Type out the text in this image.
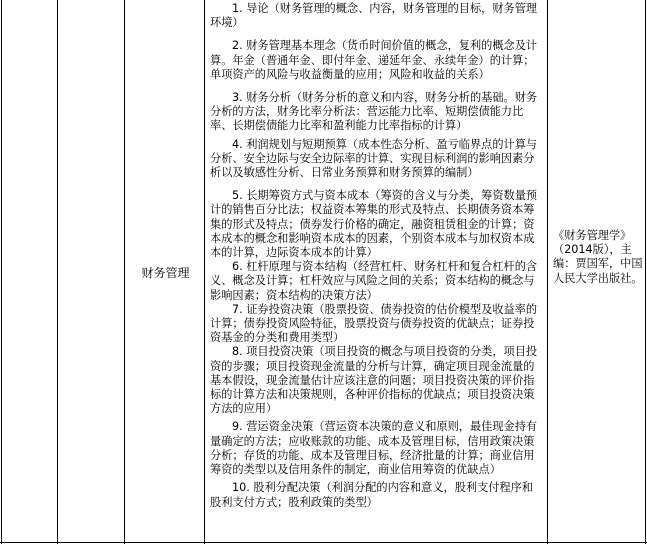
财务管理

1. 导论（财务管理的概念、内容，财务管理的目标，财务管理环境）

2. 财务管理基本理念（货币时间价值的概念，复利的概念及计算。年金（普通年金、即付年金、递延年金、永续年金）的计算；单项资产的风险与收益衡量的应用；风险和收益的关系）

3. 财务分析（财务分析的意义和内容，财务分析的基础。财务分析的方法，财务比率分析法：营运能力比率、短期偿债能力比率、长期偿债能力比率和盈利能力比率指标的计算）

4. 利润规划与短期预算（成本性态分析、盈亏临界点的计算与分析、安全边际与安全边际率的计算、实现目标利润的影响因素分析以及敏感性分析、日常业务预算和财务预算的编制）

5. 长期筹资方式与资本成本（筹资的含义与分类，筹资数量预计的销售百分比法；权益资本筹集的形式及特点、长期债务资本筹集的形式及特点；债券发行价格的确定，融资租赁租金的计算；资本成本的概念和影响资本成本的因素，个别资本成本与加权资本成本的计算，边际资本成本的计算）

6. 杠杆原理与资本结构（经营杠杆、财务杠杆和复合杠杆的含义、概念及计算；杠杆效应与风险之间的关系；资本结构的概念与影响因素；资本结构的决策方法）

7. 证券投资决策（股票投资、债券投资的估价模型及收益率的计算；债券投资风险特征，股票投资与债券投资的优缺点；证券投资基金的分类和费用类型）

8. 项目投资决策（项目投资的概念与项目投资的分类，项目投资的步骤；项目投资现金流量的分析与计算，确定项目现金流量的基本假设，现金流量估计应该注意的问题；项目投资决策的评价指标的计算方法和决策规则，各种评价指标的优缺点；项目投资决策方法的应用）

9. 营运资金决策（营运资本决策的意义和原则，最佳现金持有量确定的方法；应收账款的功能、成本及管理目标，信用政策决策分析；存货的功能、成本及管理目标，经济批量的计算；商业信用筹资的类型以及信用条件的制定，商业信用筹资的优缺点）

10. 股利分配决策（利润分配的内容和意义，股利支付程序和股利支付方式；股利政策的类型）

《财务管理学》（2014版），主编：贾国军，中国人民大学出版社。
